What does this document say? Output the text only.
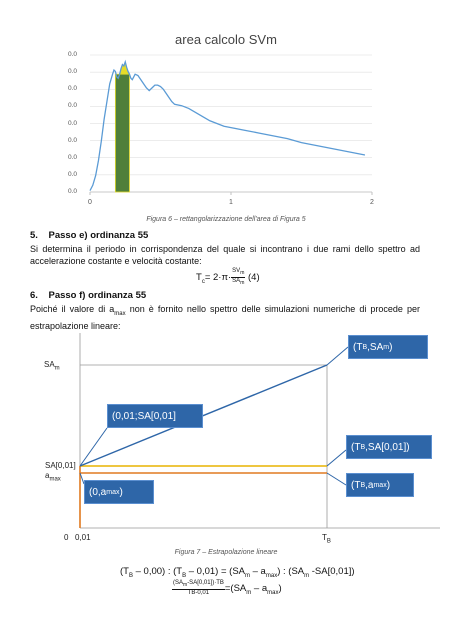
area calcolo SVm
0.0
0.0
0.0
0.0
0.0
0.0
0.0
0.0
0.0
0	1	2
Figura 6 – rettangolarizzazione dell'area di Figura 5
5.    Passo e) ordinanza 55
Si determina il periodo in corrispondenza del quale si incontrano i due rami dello spettro ad accelerazione costante e velocità costante:
$T_c= 2\cdot\pi\cdot \frac{SV_m}{SA_m} (4)$
6.    Passo f) ordinanza 55
Poiché il valore di $a_{max}$ non è fornito nello spettro delle simulazioni numeriche di procede per estrapolazione lineare:
$SA_m$
SA[0,01]
$a_{max}$
0 0,01	$T_B$
(T B ,SA m )
(0,01;SA[0,01]
(T B ,SA[0,01])
(0,a max )
(T B ,a max )
Figura 7 – Estrapolazione lineare
$(T_B - 0,00)$ : $(T_B - 0,01) = (SA_m - a_{max})$ : ($SA_m$ -SA[0,01])
$\frac{(SA_m-SA[0,01])\cdot TB}{TB-0,01} =(SA_m - a_{max})$
